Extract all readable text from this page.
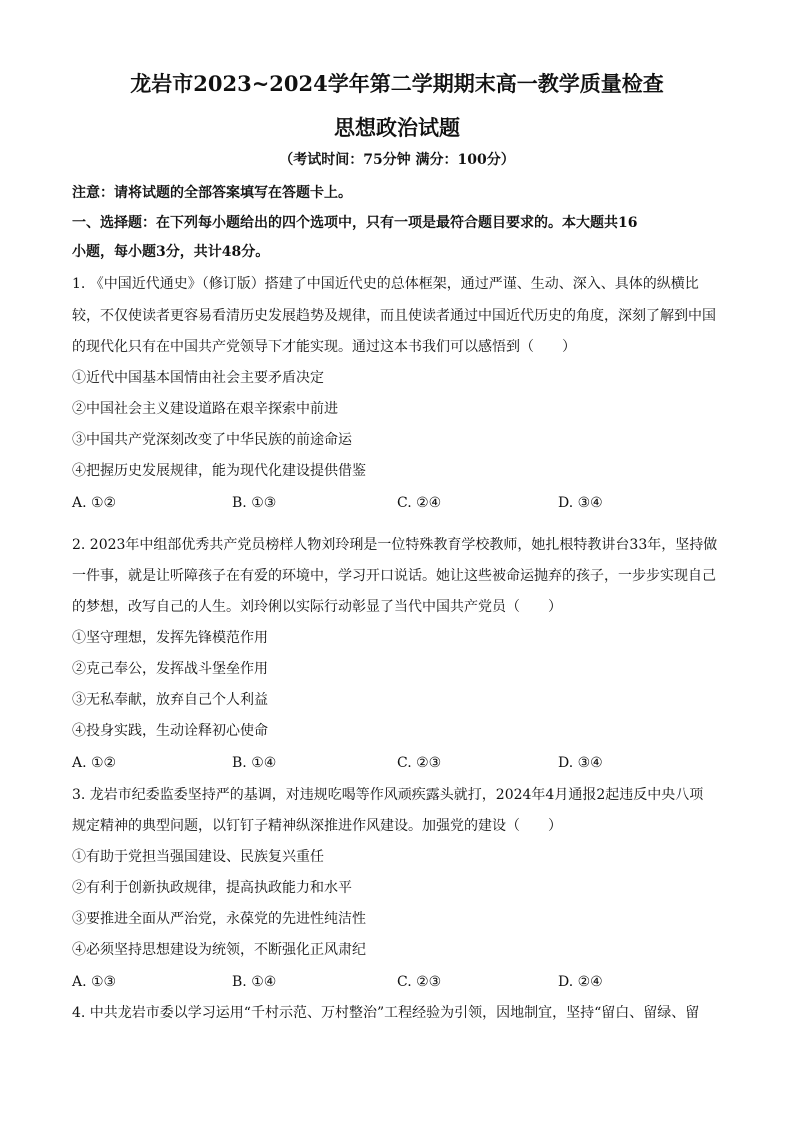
龙岩市2023~2024学年第二学期期末高一教学质量检查
思想政治试题
（考试时间：75分钟 满分：100分）
注意：请将试题的全部答案填写在答题卡上。
一、选择题：在下列每小题给出的四个选项中，只有一项是最符合题目要求的。本大题共16
小题，每小题3分，共计48分。
1. 《中国近代通史》（修订版）搭建了中国近代史的总体框架，通过严谨、生动、深入、具体的纵横比
较，不仅使读者更容易看清历史发展趋势及规律，而且使读者通过中国近代历史的角度，深刻了解到中国
的现代化只有在中国共产党领导下才能实现。通过这本书我们可以感悟到（　　）
①近代中国基本国情由社会主要矛盾决定
②中国社会主义建设道路在艰辛探索中前进
③中国共产党深刻改变了中华民族的前途命运
④把握历史发展规律，能为现代化建设提供借鉴
A. ①②	B. ①③	C. ②④	D. ③④
2. 2023年中组部优秀共产党员榜样人物刘玲琍是一位特殊教育学校教师，她扎根特教讲台33年，坚持做
一件事，就是让听障孩子在有爱的环境中，学习开口说话。她让这些被命运抛弃的孩子，一步步实现自己
的梦想，改写自己的人生。刘玲俐以实际行动彰显了当代中国共产党员（　　）
①坚守理想，发挥先锋模范作用
②克己奉公，发挥战斗堡垒作用
③无私奉献，放弃自己个人利益
④投身实践，生动诠释初心使命
A. ①②	B. ①④	C. ②③	D. ③④
3. 龙岩市纪委监委坚持严的基调，对违规吃喝等作风顽疾露头就打，2024年4月通报2起违反中央八项
规定精神的典型问题，以钉钉子精神纵深推进作风建设。加强党的建设（　　）
①有助于党担当强国建设、民族复兴重任
②有利于创新执政规律，提高执政能力和水平
③要推进全面从严治党，永葆党的先进性纯洁性
④必须坚持思想建设为统领，不断强化正风肃纪
A. ①③	B. ①④	C. ②③	D. ②④
4. 中共龙岩市委以学习运用“千村示范、万村整治”工程经验为引领，因地制宜，坚持“留白、留绿、留
